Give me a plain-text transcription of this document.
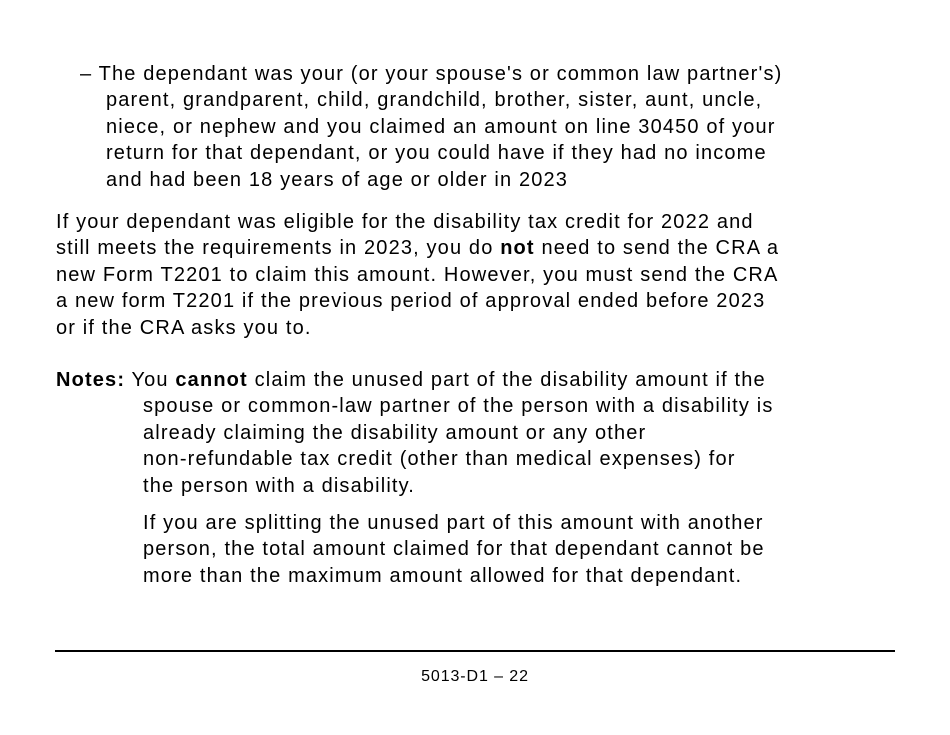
– The dependant was your (or your spouse's or common law partner's)
parent, grandparent, child, grandchild, brother, sister, aunt, uncle,
niece, or nephew and you claimed an amount on line 30450 of your
return for that dependant, or you could have if they had no income
and had been 18 years of age or older in 2023
If your dependant was eligible for the disability tax credit for 2022 and
still meets the requirements in 2023, you do not need to send the CRA a
new Form T2201 to claim this amount. However, you must send the CRA
a new form T2201 if the previous period of approval ended before 2023
or if the CRA asks you to.
Notes: You cannot claim the unused part of the disability amount if the
spouse or common-law partner of the person with a disability is
already claiming the disability amount or any other
non-refundable tax credit (other than medical expenses) for
the person with a disability.
If you are splitting the unused part of this amount with another
person, the total amount claimed for that dependant cannot be
more than the maximum amount allowed for that dependant.
5013-D1 – 22
